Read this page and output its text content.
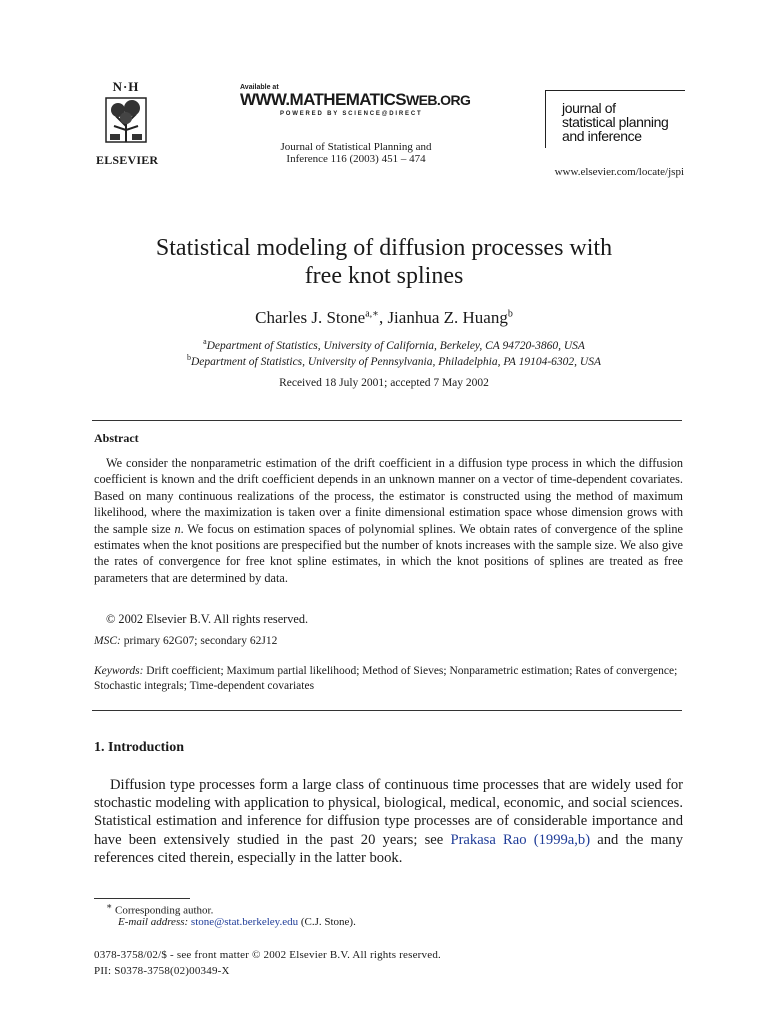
N·H
ELSEVIER
Available at
WWW.MATHEMATICSWEB.ORG
POWERED BY SCIENCE@DIRECT
Journal of Statistical Planning and
Inference 116 (2003) 451 – 474
journal of
statistical planning
and inference
www.elsevier.com/locate/jspi
Statistical modeling of diffusion processes with
free knot splines
Charles J. Stone$^{a,∗}$, Jianhua Z. Huang$^b$
$^a$Department of Statistics, University of California, Berkeley, CA 94720-3860, USA
$^b$Department of Statistics, University of Pennsylvania, Philadelphia, PA 19104-6302, USA
Received 18 July 2001; accepted 7 May 2002
Abstract

We consider the nonparametric estimation of the drift coefficient in a diffusion type process in which the diffusion coefficient is known and the drift coefficient depends in an unknown manner on a vector of time-dependent covariates. Based on many continuous realizations of the process, the estimator is constructed using the method of maximum likelihood, where the maximization is taken over a finite dimensional estimation space whose dimension grows with the sample size n. We focus on estimation spaces of polynomial splines. We obtain rates of convergence of the spline estimates when the knot positions are prespecified but the number of knots increases with the sample size. We also give the rates of convergence for free knot spline estimates, in which the knot positions of splines are treated as free parameters that are determined by data.

© 2002 Elsevier B.V. All rights reserved.
MSC: primary 62G07; secondary 62J12
Keywords: Drift coefficient; Maximum partial likelihood; Method of Sieves; Nonparametric estimation; Rates of convergence; Stochastic integrals; Time-dependent covariates
1. Introduction

Diffusion type processes form a large class of continuous time processes that are widely used for stochastic modeling with application to physical, biological, medical, economic, and social sciences. Statistical estimation and inference for diffusion type processes are of considerable importance and have been extensively studied in the past 20 years; see Prakasa Rao (1999a,b) and the many references cited therein, especially in the latter book.

∗ Corresponding author.
E-mail address: stone@stat.berkeley.edu (C.J. Stone).
0378-3758/02/$ - see front matter © 2002 Elsevier B.V. All rights reserved.
PII: S0378-3758(02)00349-X
